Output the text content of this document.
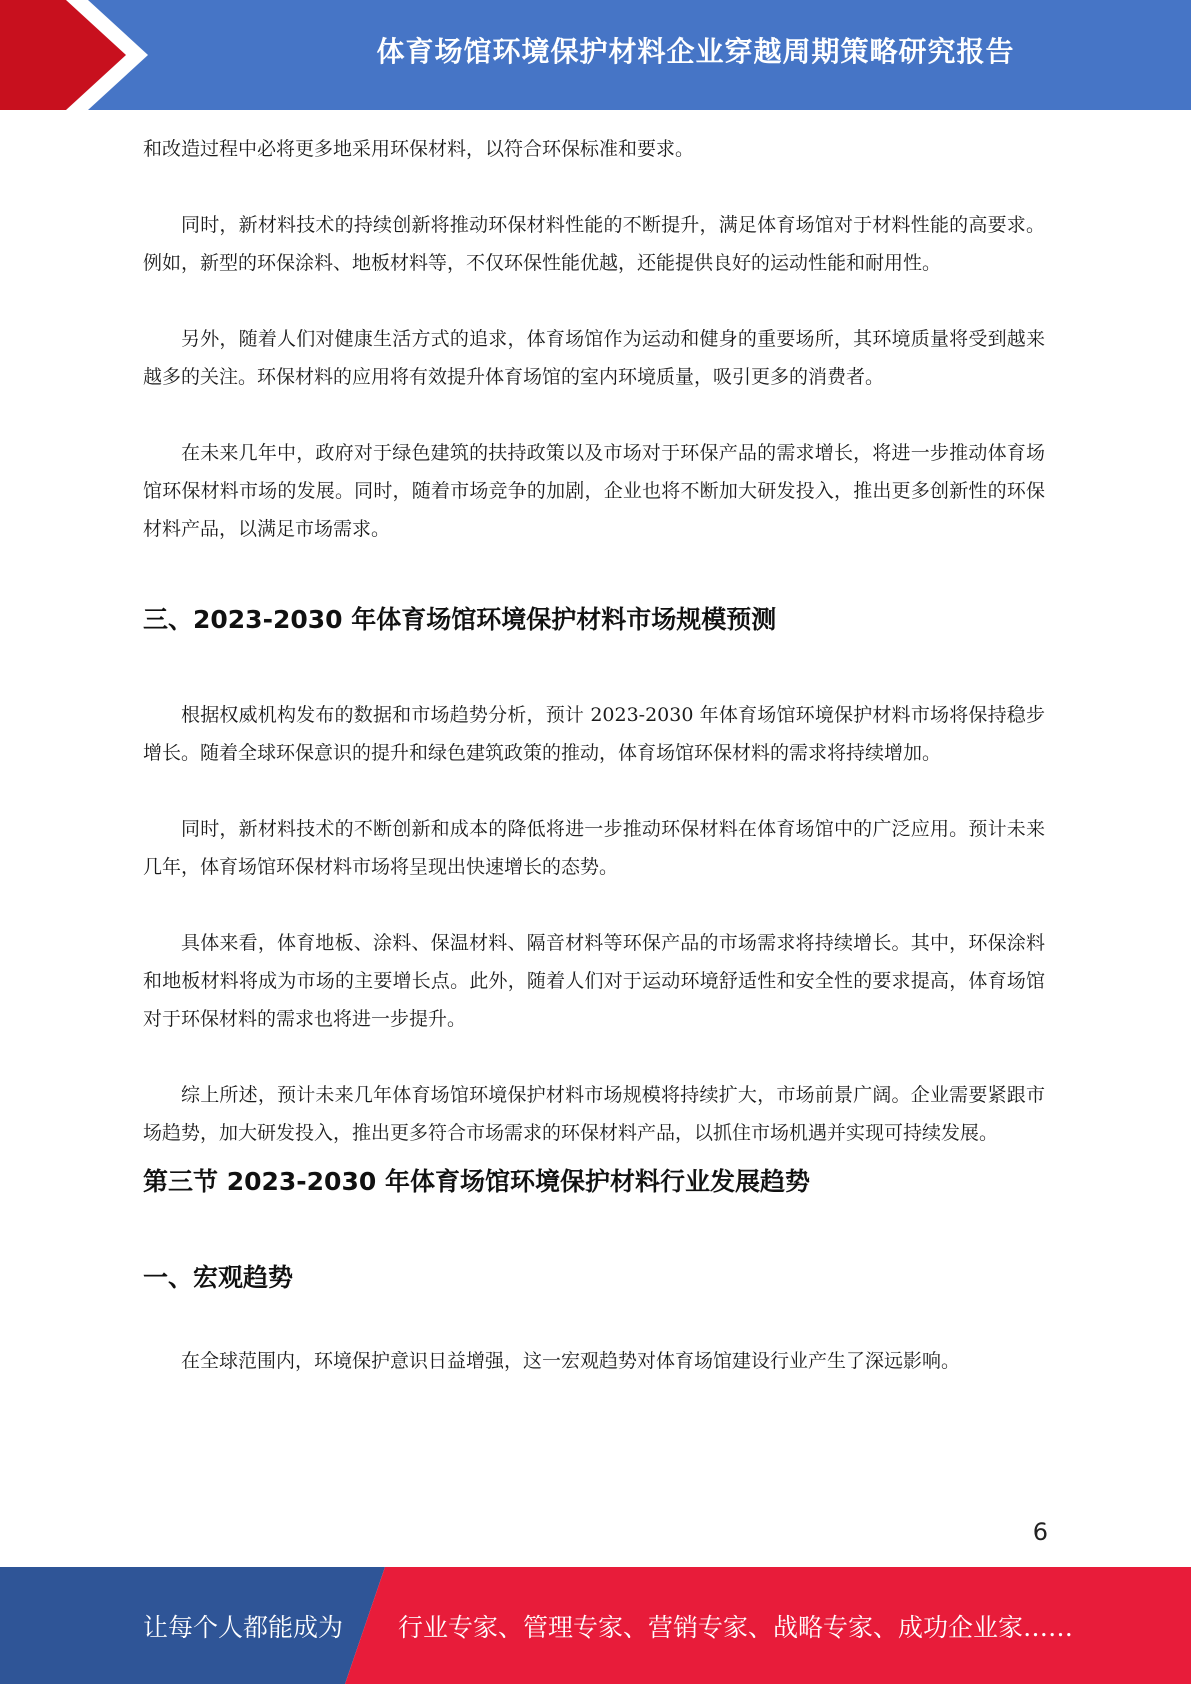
体育场馆环境保护材料企业穿越周期策略研究报告

和改造过程中必将更多地采用环保材料，以符合环保标准和要求。

同时，新材料技术的持续创新将推动环保材料性能的不断提升，满足体育场馆对于材料性能的高要求。例如，新型的环保涂料、地板材料等，不仅环保性能优越，还能提供良好的运动性能和耐用性。

另外，随着人们对健康生活方式的追求，体育场馆作为运动和健身的重要场所，其环境质量将受到越来越多的关注。环保材料的应用将有效提升体育场馆的室内环境质量，吸引更多的消费者。

在未来几年中，政府对于绿色建筑的扶持政策以及市场对于环保产品的需求增长，将进一步推动体育场馆环保材料市场的发展。同时，随着市场竞争的加剧，企业也将不断加大研发投入，推出更多创新性的环保材料产品，以满足市场需求。

三、2023-2030 年体育场馆环境保护材料市场规模预测

根据权威机构发布的数据和市场趋势分析，预计 2023-2030 年体育场馆环境保护材料市场将保持稳步增长。随着全球环保意识的提升和绿色建筑政策的推动，体育场馆环保材料的需求将持续增加。

同时，新材料技术的不断创新和成本的降低将进一步推动环保材料在体育场馆中的广泛应用。预计未来几年，体育场馆环保材料市场将呈现出快速增长的态势。

具体来看，体育地板、涂料、保温材料、隔音材料等环保产品的市场需求将持续增长。其中，环保涂料和地板材料将成为市场的主要增长点。此外，随着人们对于运动环境舒适性和安全性的要求提高，体育场馆对于环保材料的需求也将进一步提升。

综上所述，预计未来几年体育场馆环境保护材料市场规模将持续扩大，市场前景广阔。企业需要紧跟市场趋势，加大研发投入，推出更多符合市场需求的环保材料产品，以抓住市场机遇并实现可持续发展。

第三节 2023-2030 年体育场馆环境保护材料行业发展趋势
一、宏观趋势

在全球范围内，环境保护意识日益增强，这一宏观趋势对体育场馆建设行业产生了深远影响。

6
让每个人都能成为 行业专家、管理专家、营销专家、战略专家、成功企业家……
